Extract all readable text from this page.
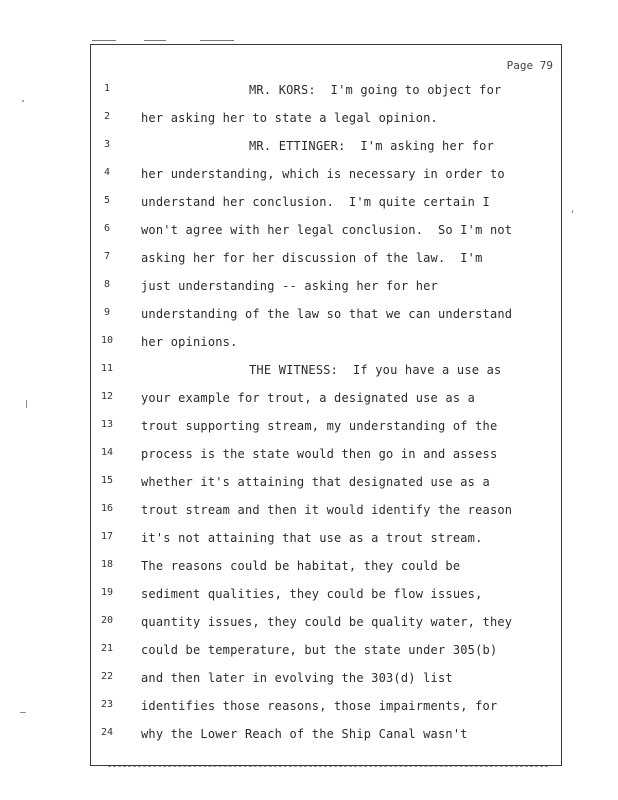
Page 79
1	MR. KORS:  I'm going to object for
2	her asking her to state a legal opinion.
3	MR. ETTINGER:  I'm asking her for
4	her understanding, which is necessary in order to
5	understand her conclusion.  I'm quite certain I
6	won't agree with her legal conclusion.  So I'm not
7	asking her for her discussion of the law.  I'm
8	just understanding -- asking her for her
9	understanding of the law so that we can understand
10	her opinions.
11	THE WITNESS:  If you have a use as
12	your example for trout, a designated use as a
13	trout supporting stream, my understanding of the
14	process is the state would then go in and assess
15	whether it's attaining that designated use as a
16	trout stream and then it would identify the reason
17	it's not attaining that use as a trout stream.
18	The reasons could be habitat, they could be
19	sediment qualities, they could be flow issues,
20	quantity issues, they could be quality water, they
21	could be temperature, but the state under 305(b)
22	and then later in evolving the 303(d) list
23	identifies those reasons, those impairments, for
24	why the Lower Reach of the Ship Canal wasn't
